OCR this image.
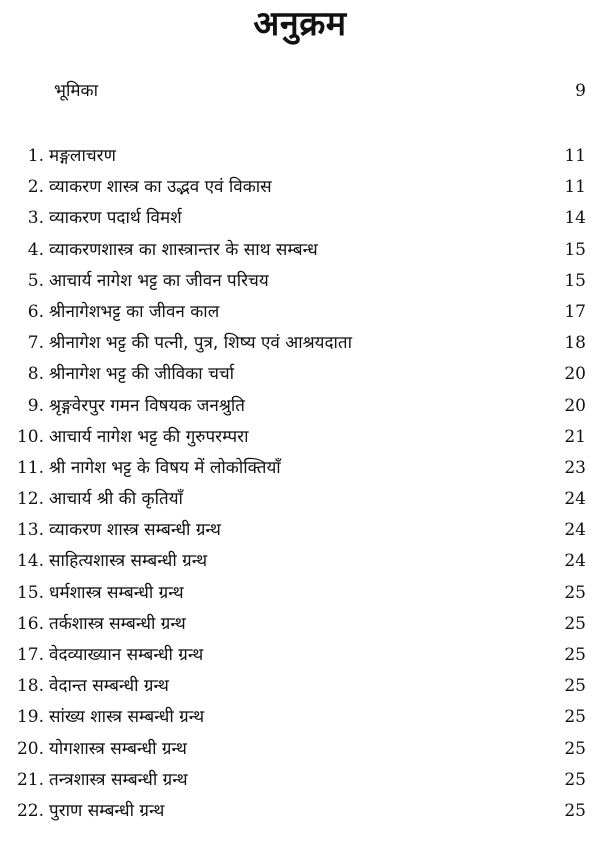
अनुक्रम
भूमिका	9
1. मङ्गलाचरण	11
2. व्याकरण शास्त्र का उद्भव एवं विकास	11
3. व्याकरण पदार्थ विमर्श	14
4. व्याकरणशास्त्र का शास्त्रान्तर के साथ सम्बन्ध	15
5. आचार्य नागेश भट्ट का जीवन परिचय	15
6. श्रीनागेशभट्ट का जीवन काल	17
7. श्रीनागेश भट्ट की पत्नी, पुत्र, शिष्य एवं आश्रयदाता	18
8. श्रीनागेश भट्ट की जीविका चर्चा	20
9. श्रृङ्गवेरपुर गमन विषयक जनश्रुति	20
10. आचार्य नागेश भट्ट की गुरुपरम्परा	21
11. श्री नागेश भट्ट के विषय में लोकोक्तियाँ	23
12. आचार्य श्री की कृतियाँ	24
13. व्याकरण शास्त्र सम्बन्धी ग्रन्थ	24
14. साहित्यशास्त्र सम्बन्धी ग्रन्थ	24
15. धर्मशास्त्र सम्बन्धी ग्रन्थ	25
16. तर्कशास्त्र सम्बन्धी ग्रन्थ	25
17. वेदव्याख्यान सम्बन्धी ग्रन्थ	25
18. वेदान्त सम्बन्धी ग्रन्थ	25
19. सांख्य शास्त्र सम्बन्धी ग्रन्थ	25
20. योगशास्त्र सम्बन्धी ग्रन्थ	25
21. तन्त्रशास्त्र सम्बन्धी ग्रन्थ	25
22. पुराण सम्बन्धी ग्रन्थ	25
